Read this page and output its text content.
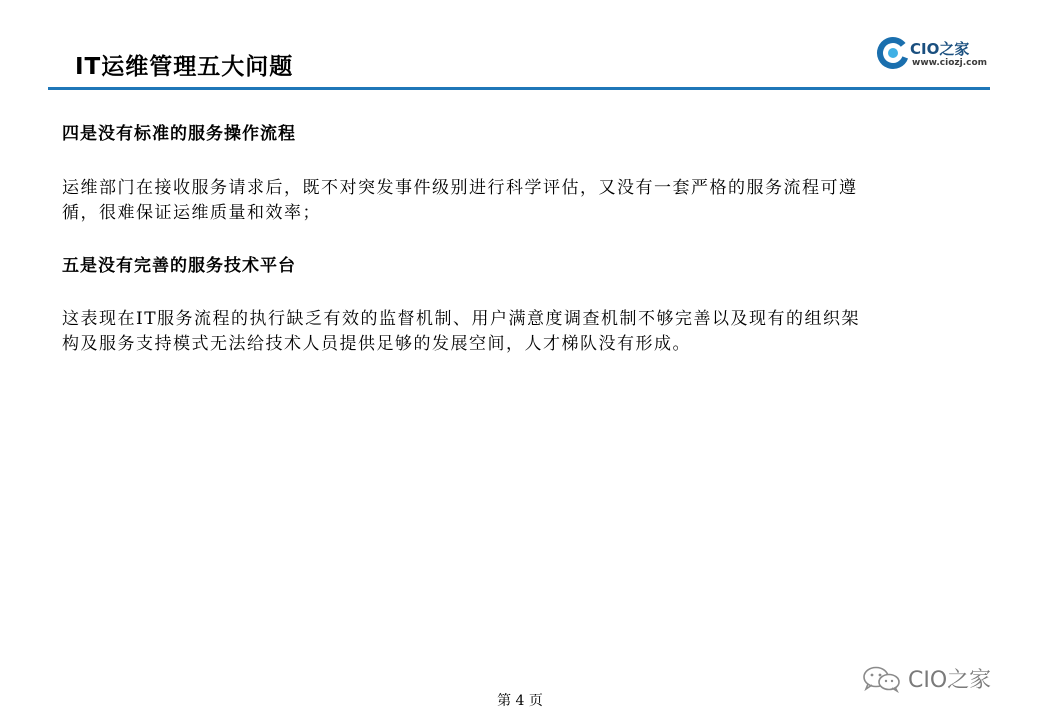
IT运维管理五大问题
CIO之家
www.ciozj.com

四是没有标准的服务操作流程

运维部门在接收服务请求后，既不对突发事件级别进行科学评估，又没有一套严格的服务流程可遵

循，很难保证运维质量和效率；

五是没有完善的服务技术平台

这表现在IT服务流程的执行缺乏有效的监督机制、用户满意度调查机制不够完善以及现有的组织架

构及服务支持模式无法给技术人员提供足够的发展空间，人才梯队没有形成。

第 4 页
CIO之家
